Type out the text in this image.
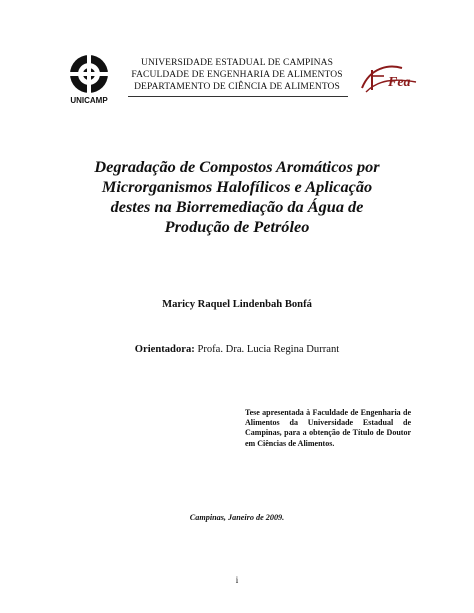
UNICAMP
Fea
UNIVERSIDADE ESTADUAL DE CAMPINAS
FACULDADE DE ENGENHARIA DE ALIMENTOS
DEPARTAMENTO DE CIÊNCIA DE ALIMENTOS
Degradação de Compostos Aromáticos por
Microrganismos Halofílicos e Aplicação
destes na Biorremediação da Água de
Produção de Petróleo
Maricy Raquel Lindenbah Bonfá
Orientadora: Profa. Dra. Lucia Regina Durrant
Tese apresentada à Faculdade de Engenharia de Alimentos da Universidade Estadual de Campinas, para a obtenção de Título de Doutor em Ciências de Alimentos.
Campinas, Janeiro de 2009.
i
